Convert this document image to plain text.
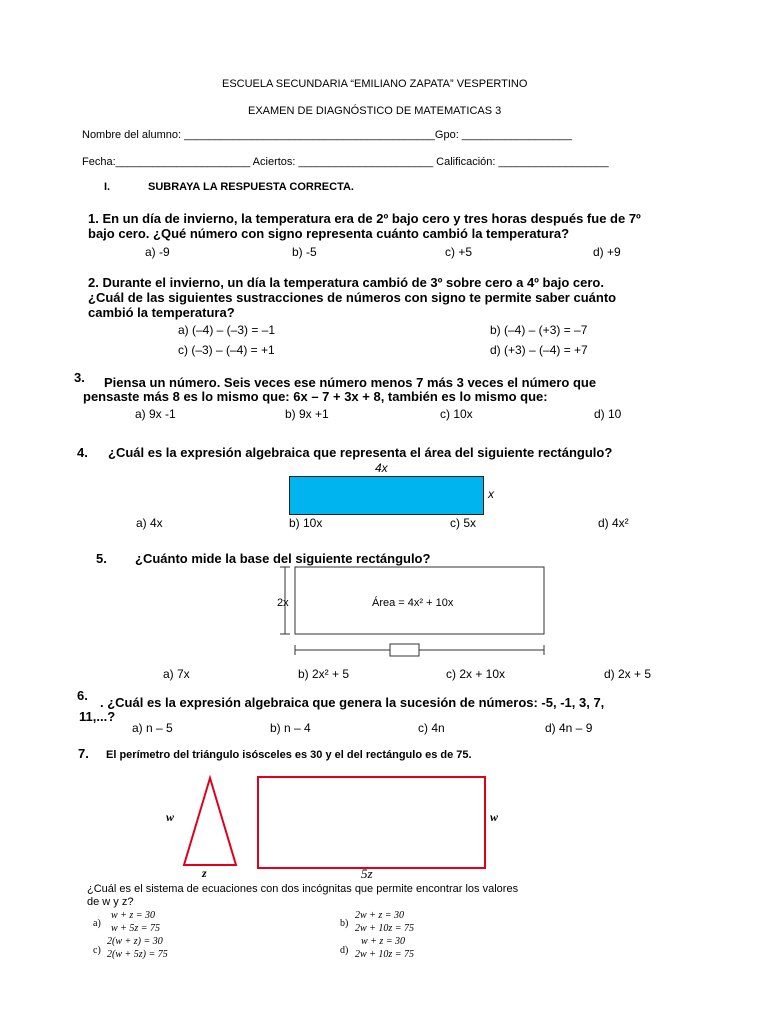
ESCUELA SECUNDARIA “EMILIANO ZAPATA” VESPERTINO
EXAMEN DE DIAGNÓSTICO DE MATEMATICAS 3
Nombre del alumno: _________________________________________Gpo: __________________
Fecha:______________________ Aciertos: ______________________ Calificación: __________________
I.	SUBRAYA LA RESPUESTA CORRECTA.
1. En un día de invierno, la temperatura era de 2º bajo cero y tres horas después fue de 7º
bajo cero. ¿Qué número con signo representa cuánto cambió la temperatura?
a) -9	b) -5	c) +5	d) +9
2. Durante el invierno, un día la temperatura cambió de 3º sobre cero a 4º bajo cero.
¿Cuál de las siguientes sustracciones de números con signo te permite saber cuánto
cambió la temperatura?
a) (–4) – (–3) = –1	b) (–4) – (+3) = –7
c) (–3) – (–4) = +1	d) (+3) – (–4) = +7
3. Piensa un número. Seis veces ese número menos 7 más 3 veces el número que
pensaste más 8 es lo mismo que: 6x – 7 + 3x + 8, también es lo mismo que:
a) 9x -1	b) 9x +1	c) 10x	d) 10
4. ¿Cuál es la expresión algebraica que representa el área del siguiente rectángulo?
4x
x
a) 4x	b) 10x	c) 5x	d) 4x²
5. ¿Cuánto mide la base del siguiente rectángulo?
2x	Área = 4x² + 10x
a) 7x	b) 2x² + 5	c) 2x + 10x	d) 2x + 5
6. . ¿Cuál es la expresión algebraica que genera la sucesión de números: -5, -1, 3, 7,
11,...?
a) n – 5	b) n – 4	c) 4n	d) 4n – 9
7. El perímetro del triángulo isósceles es 30 y el del rectángulo es de 75.
w
z
w
5z
¿Cuál es el sistema de ecuaciones con dos incógnitas que permite encontrar los valores
de w y z?
a)
w + z = 30
w + 5z = 75	b)
2w + z = 30
2w + 10z = 75
c)
2(w + z) = 30
2(w + 5z) = 75	d)
w + z = 30
2w + 10z = 75
